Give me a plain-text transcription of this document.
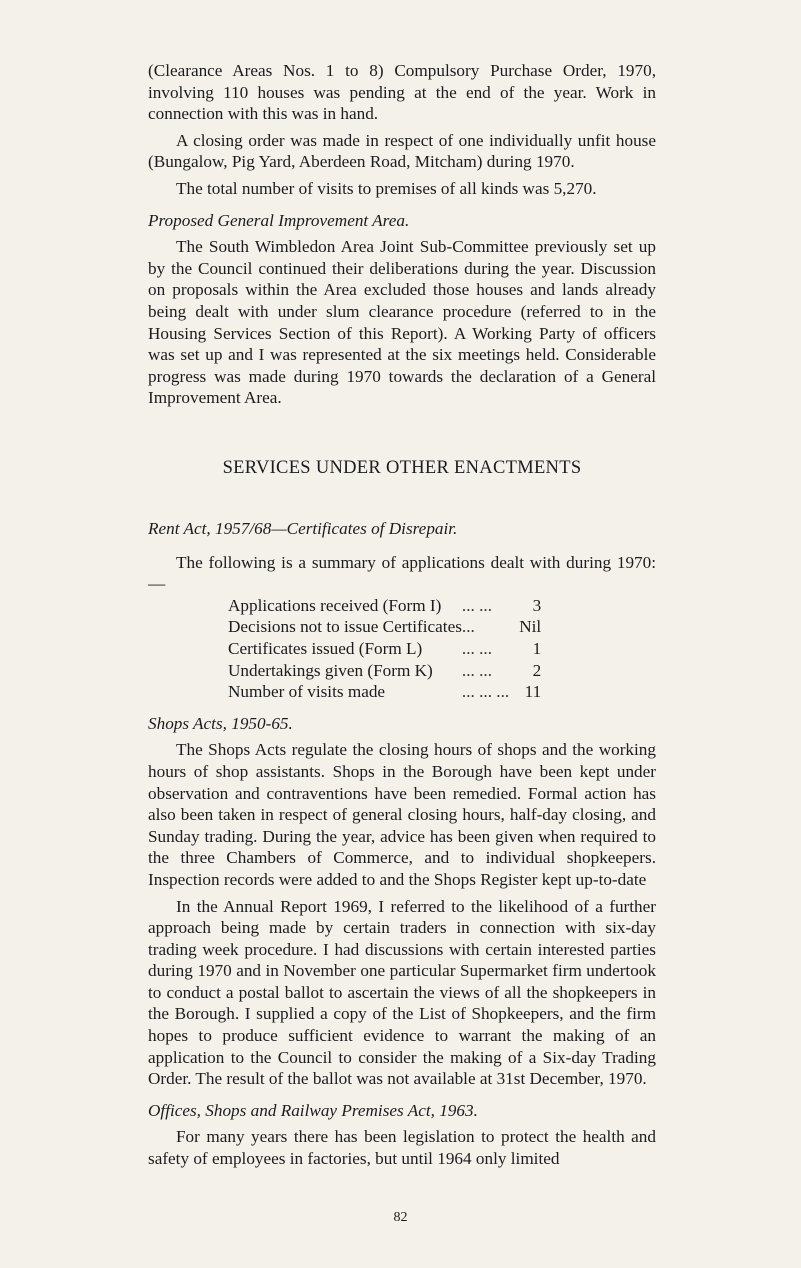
(Clearance Areas Nos. 1 to 8) Compulsory Purchase Order, 1970, involving 110 houses was pending at the end of the year. Work in connection with this was in hand.

A closing order was made in respect of one individually unfit house (Bungalow, Pig Yard, Aberdeen Road, Mitcham) during 1970.

The total number of visits to premises of all kinds was 5,270.

Proposed General Improvement Area.

The South Wimbledon Area Joint Sub-Committee previously set up by the Council continued their deliberations during the year. Discussion on proposals within the Area excluded those houses and lands already being dealt with under slum clearance procedure (referred to in the Housing Services Section of this Report). A Working Party of officers was set up and I was represented at the six meetings held. Considerable progress was made during 1970 towards the declaration of a General Improvement Area.

SERVICES UNDER OTHER ENACTMENTS

Rent Act, 1957/68—Certificates of Disrepair.

The following is a summary of applications dealt with during 1970:—

Applications received (Form I)	... ...	3
Decisions not to issue Certificates	...	Nil
Certificates issued (Form L)	... ...	1
Undertakings given (Form K)	... ...	2
Number of visits made	... ... ...	11

Shops Acts, 1950-65.

The Shops Acts regulate the closing hours of shops and the working hours of shop assistants. Shops in the Borough have been kept under observation and contraventions have been remedied. Formal action has also been taken in respect of general closing hours, half-day closing, and Sunday trading. During the year, advice has been given when required to the three Chambers of Commerce, and to individual shopkeepers. Inspection records were added to and the Shops Register kept up-to-date

In the Annual Report 1969, I referred to the likelihood of a further approach being made by certain traders in connection with six-day trading week procedure. I had discussions with certain interested parties during 1970 and in November one particular Supermarket firm undertook to conduct a postal ballot to ascertain the views of all the shopkeepers in the Borough. I supplied a copy of the List of Shopkeepers, and the firm hopes to produce sufficient evidence to warrant the making of an application to the Council to consider the making of a Six-day Trading Order. The result of the ballot was not available at 31st December, 1970.

Offices, Shops and Railway Premises Act, 1963.

For many years there has been legislation to protect the health and safety of employees in factories, but until 1964 only limited

82
